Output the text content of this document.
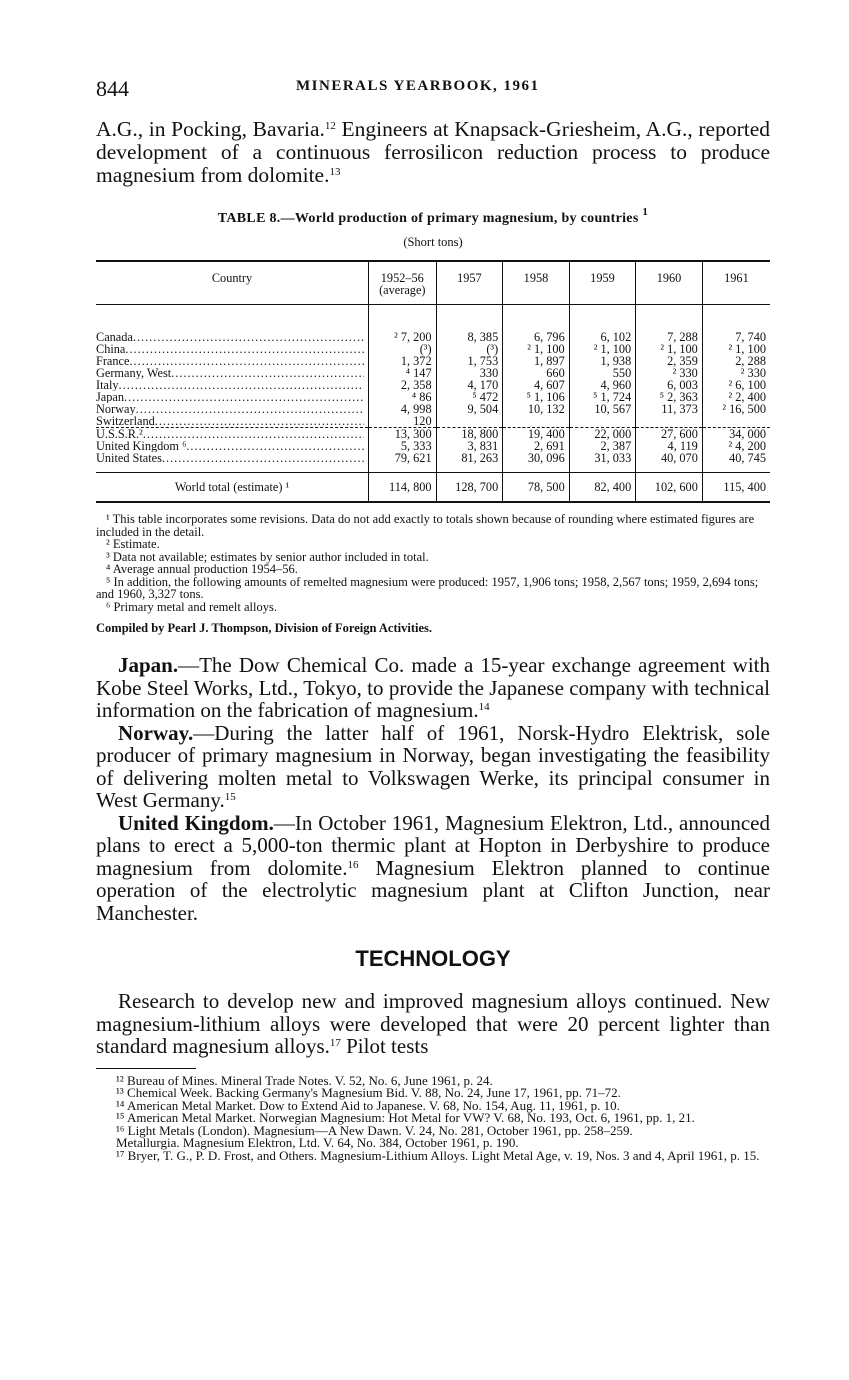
844	MINERALS YEARBOOK, 1961

A.G., in Pocking, Bavaria.$^{12}$ Engineers at Knapsack-Griesheim, A.G., reported development of a continuous ferrosilicon reduction process to produce magnesium from dolomite.$^{13}$

TABLE 8.—World production of primary magnesium, by countries $^1$
(Short tons)
Country	1952–56 (average)	1957	1958	1959	1960	1961

Canada .....	² 7, 200	8, 385	6, 796	6, 102	7, 288	7, 740

China .....	(³)	(³)	² 1, 100	² 1, 100	² 1, 100	² 1, 100

France .....	1, 372	1, 753	1, 897	1, 938	2, 359	2, 288

Germany, West .....	⁴ 147	330	660	550	² 330	² 330

Italy .....	2, 358	4, 170	4, 607	4, 960	6, 003	² 6, 100

Japan .....	⁴ 86	⁵ 472	⁵ 1, 106	⁵ 1, 724	⁵ 2, 363	² 2, 400

Norway .....	4, 998	9, 504	10, 132	10, 567	11, 373	² 16, 500

Switzerland .....	120					

U.S.S.R.² .....	13, 300	18, 800	19, 400	22, 000	27, 600	34, 000

United Kingdom ⁶ .....	5, 333	3, 831	2, 691	2, 387	4, 119	² 4, 200

United States .....	79, 621	81, 263	30, 096	31, 033	40, 070	40, 745

World total (estimate) ¹	114, 800	128, 700	78, 500	82, 400	102, 600	115, 400

¹ This table incorporates some revisions. Data do not add exactly to totals shown because of rounding where estimated figures are included in the detail.

² Estimate.

³ Data not available; estimates by senior author included in total.

⁴ Average annual production 1954–56.

⁵ In addition, the following amounts of remelted magnesium were produced: 1957, 1,906 tons; 1958, 2,567 tons; 1959, 2,694 tons; and 1960, 3,327 tons.

⁶ Primary metal and remelt alloys.

Compiled by Pearl J. Thompson, Division of Foreign Activities.

Japan.—The Dow Chemical Co. made a 15-year exchange agreement with Kobe Steel Works, Ltd., Tokyo, to provide the Japanese company with technical information on the fabrication of magnesium.$^{14}$

Norway.—During the latter half of 1961, Norsk-Hydro Elektrisk, sole producer of primary magnesium in Norway, began investigating the feasibility of delivering molten metal to Volkswagen Werke, its principal consumer in West Germany.$^{15}$

United Kingdom.—In October 1961, Magnesium Elektron, Ltd., announced plans to erect a 5,000-ton thermic plant at Hopton in Derbyshire to produce magnesium from dolomite.$^{16}$ Magnesium Elektron planned to continue operation of the electrolytic magnesium plant at Clifton Junction, near Manchester.

TECHNOLOGY

Research to develop new and improved magnesium alloys continued. New magnesium-lithium alloys were developed that were 20 percent lighter than standard magnesium alloys.$^{17}$ Pilot tests

¹² Bureau of Mines. Mineral Trade Notes. V. 52, No. 6, June 1961, p. 24.

¹³ Chemical Week. Backing Germany's Magnesium Bid. V. 88, No. 24, June 17, 1961, pp. 71–72.

¹⁴ American Metal Market. Dow to Extend Aid to Japanese. V. 68, No. 154, Aug. 11, 1961, p. 10.

¹⁵ American Metal Market. Norwegian Magnesium: Hot Metal for VW? V. 68, No. 193, Oct. 6, 1961, pp. 1, 21.

¹⁶ Light Metals (London). Magnesium—A New Dawn. V. 24, No. 281, October 1961, pp. 258–259.

Metallurgia. Magnesium Elektron, Ltd. V. 64, No. 384, October 1961, p. 190.

¹⁷ Bryer, T. G., P. D. Frost, and Others. Magnesium-Lithium Alloys. Light Metal Age, v. 19, Nos. 3 and 4, April 1961, p. 15.
